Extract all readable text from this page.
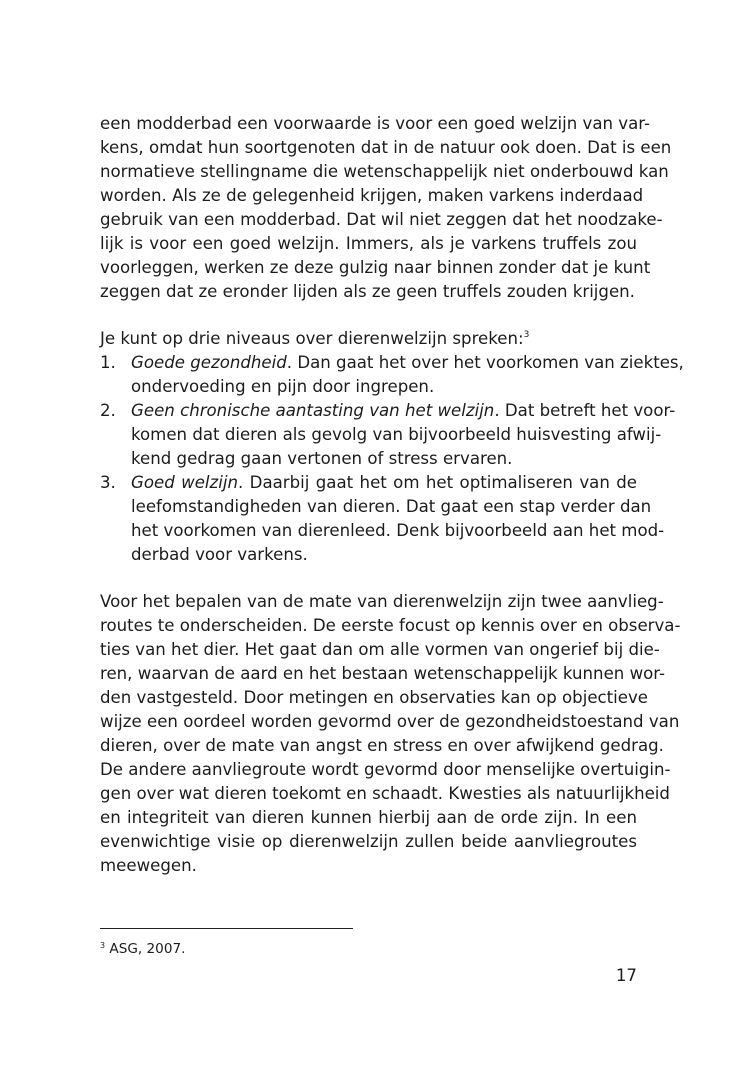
een modderbad een voorwaarde is voor een goed welzijn van var-
kens, omdat hun soortgenoten dat in de natuur ook doen. Dat is een
normatieve stellingname die wetenschappelijk niet onderbouwd kan
worden. Als ze de gelegenheid krijgen, maken varkens inderdaad
gebruik van een modderbad. Dat wil niet zeggen dat het noodzake-
lijk is voor een goed welzijn. Immers, als je varkens truffels zou
voorleggen, werken ze deze gulzig naar binnen zonder dat je kunt
zeggen dat ze eronder lijden als ze geen truffels zouden krijgen.
Je kunt op drie niveaus over dierenwelzijn spreken:$^3$
1. Goede gezondheid. Dan gaat het over het voorkomen van ziektes,
ondervoeding en pijn door ingrepen.
2. Geen chronische aantasting van het welzijn. Dat betreft het voor-
komen dat dieren als gevolg van bijvoorbeeld huisvesting afwij-
kend gedrag gaan vertonen of stress ervaren.
3. Goed welzijn. Daarbij gaat het om het optimaliseren van de
leefomstandigheden van dieren. Dat gaat een stap verder dan
het voorkomen van dierenleed. Denk bijvoorbeeld aan het mod-
derbad voor varkens.
Voor het bepalen van de mate van dierenwelzijn zijn twee aanvlieg-
routes te onderscheiden. De eerste focust op kennis over en observa-
ties van het dier. Het gaat dan om alle vormen van ongerief bij die-
ren, waarvan de aard en het bestaan wetenschappelijk kunnen wor-
den vastgesteld. Door metingen en observaties kan op objectieve
wijze een oordeel worden gevormd over de gezondheidstoestand van
dieren, over de mate van angst en stress en over afwijkend gedrag.
De andere aanvliegroute wordt gevormd door menselijke overtuigin-
gen over wat dieren toekomt en schaadt. Kwesties als natuurlijkheid
en integriteit van dieren kunnen hierbij aan de orde zijn. In een
evenwichtige visie op dierenwelzijn zullen beide aanvliegroutes
meewegen.
$^3$ ASG, 2007.
17
